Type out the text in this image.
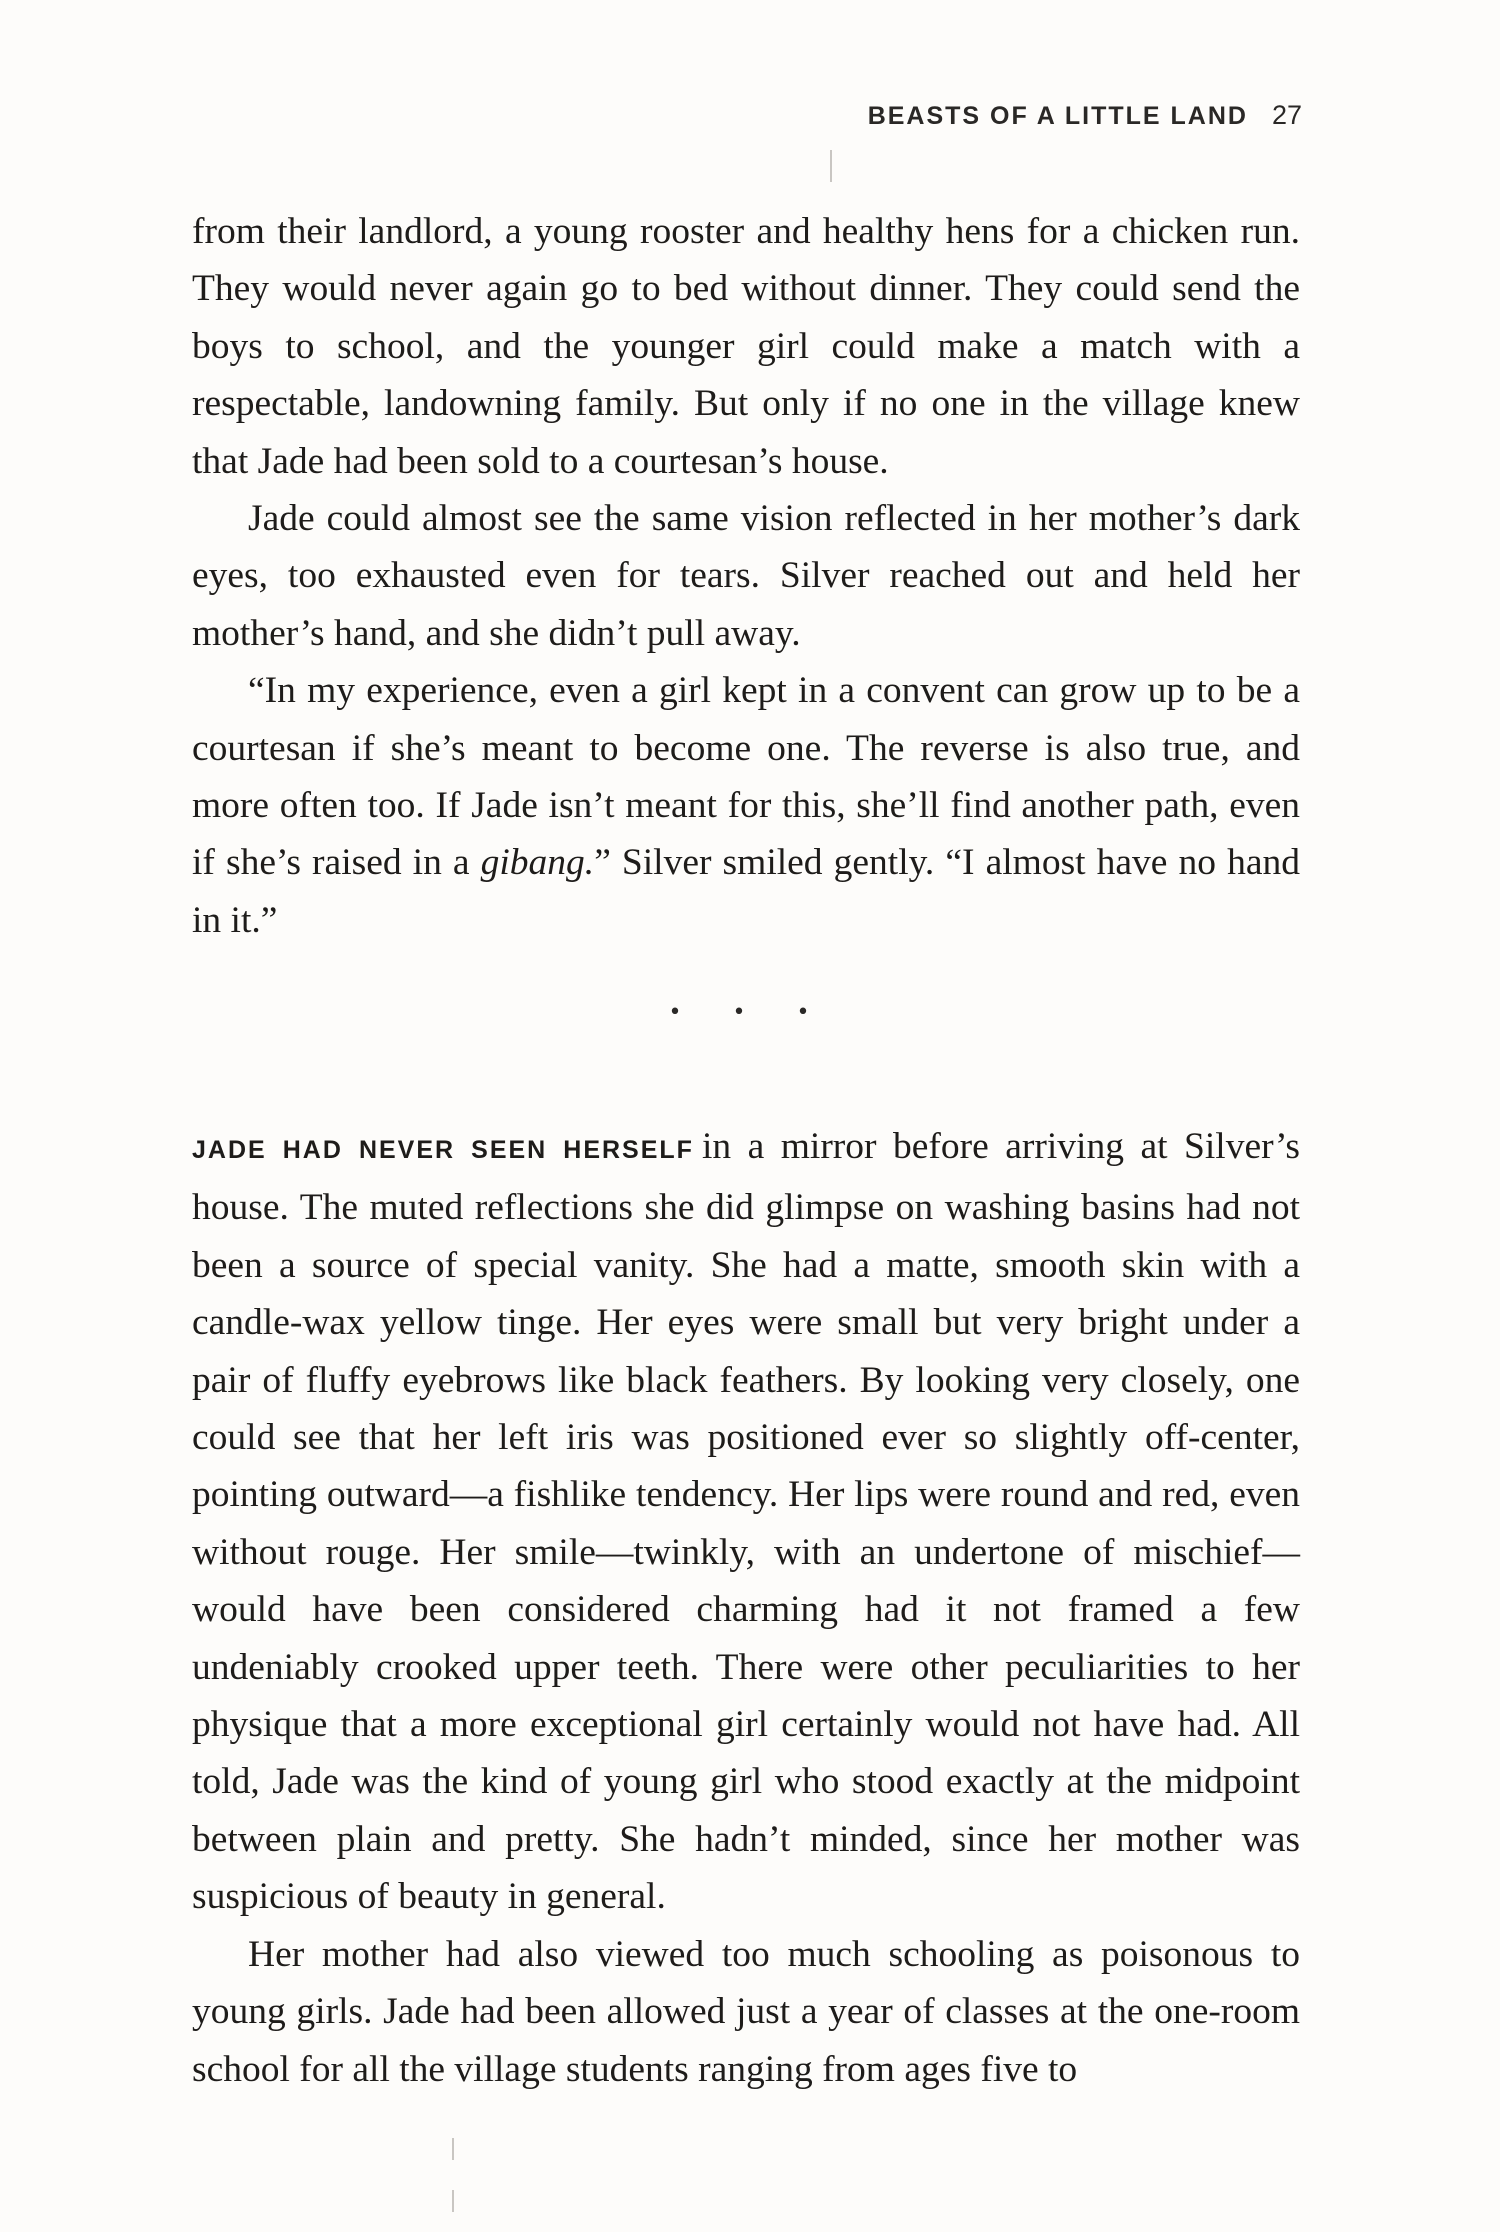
BEASTS OF A LITTLE LAND 27

from their landlord, a young rooster and healthy hens for a chicken run. They would never again go to bed without dinner. They could send the boys to school, and the younger girl could make a match with a respectable, landowning family. But only if no one in the village knew that Jade had been sold to a courtesan’s house.

Jade could almost see the same vision reflected in her mother’s dark eyes, too exhausted even for tears. Silver reached out and held her mother’s hand, and she didn’t pull away.

“In my experience, even a girl kept in a convent can grow up to be a courtesan if she’s meant to become one. The reverse is also true, and more often too. If Jade isn’t meant for this, she’ll find another path, even if she’s raised in a gibang.” Silver smiled gently. “I almost have no hand in it.”

• • •

JADE HAD NEVER SEEN HERSELF in a mirror before arriving at Silver’s house. The muted reflections she did glimpse on washing basins had not been a source of special vanity. She had a matte, smooth skin with a candle-wax yellow tinge. Her eyes were small but very bright under a pair of fluffy eyebrows like black feathers. By looking very closely, one could see that her left iris was positioned ever so slightly off-center, pointing outward—a fishlike tendency. Her lips were round and red, even without rouge. Her smile—twinkly, with an undertone of mischief—would have been considered charming had it not framed a few undeniably crooked upper teeth. There were other peculiarities to her physique that a more exceptional girl certainly would not have had. All told, Jade was the kind of young girl who stood exactly at the midpoint between plain and pretty. She hadn’t minded, since her mother was suspicious of beauty in general.

Her mother had also viewed too much schooling as poisonous to young girls. Jade had been allowed just a year of classes at the one-room school for all the village students ranging from ages five to
